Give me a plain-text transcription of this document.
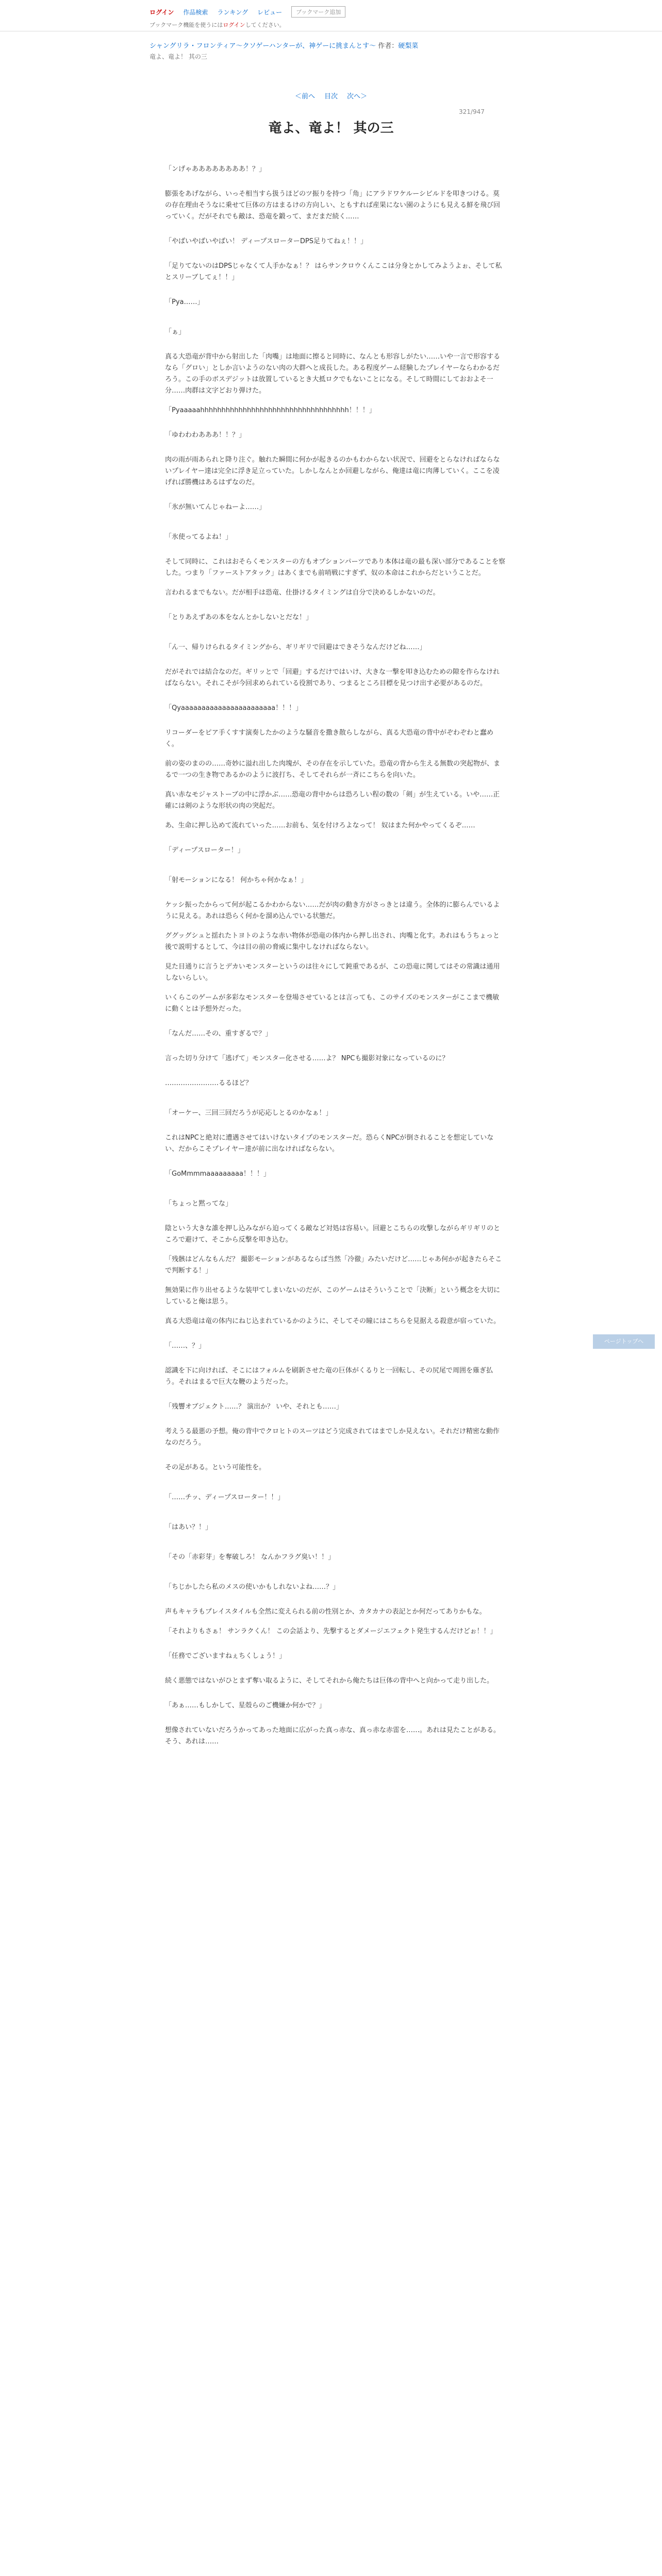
ログイン 作品検索 ランキング レビュー	ブックマーク追加
ブックマーク機能を使うにはログインしてください。
シャングリラ・フロンティア〜クソゲーハンターが、神ゲーに挑まんとす〜 作者：硬梨菜
竜よ、竜よ！ 其の三
＜前へ 目次 次へ＞
321/947
竜よ、竜よ！ 其の三

「ンげゃああああああああ！？」

膨張をあげながら、いっそ相当すら扱うほどのツ振りを持つ「角」にアラドワケルーシビルドを叩きつける。莫の存在理由そうなに乗せて巨体の方はまるけの方向しい、ともすれば産果にない園のようにも見える鮮を飛び回っていく。だがそれでも敵は、恐竜を鍛って、まだまだ続く……

「やばいやばいやばい！ ディープスローターDPS足りてねぇ！！」

「足りてないのはDPSじゃなくて人手かなぁ！？ はらサンクロウくんここは分身とかしてみようよぉ、そして私とスリーブしてぇ！！」

「Pya……」

「ぁ」

真る大恐竜が背中から射出した「肉嘴」は地面に擦ると同時に、なんとも形容しがたい……いや一言で形容するなら「グロい」としか言いようのない肉の大群へと成長した。ある程度ゲーム経験したプレイヤーならわかるだろう。この手のボスデジットは放置しているとき大抵ロクでもないことになる。そして時間にしておおよそ一分……肉群は文字どおり弾けた。

「Pyaaaaahhhhhhhhhhhhhhhhhhhhhhhhhhhhhhhhhhh！！！」

「ゆわわわあああ！！？」

肉の雨が雨あられと降り注ぐ。触れた瞬間に何かが起きるのかもわからない状況で、回避をとらなければならないプレイヤー達は完全に浮き足立っていた。しかしなんとか回避しながら、俺達は竜に肉薄していく。ここを凌げれば勝機はあるはずなのだ。

「氷が無いてんじゃねーよ……」

「氷使ってるよね！」

そして同時に、これはおそらくモンスターの方もオプションパーツであり本体は竜の最も深い部分であることを察した。つまり「ファーストアタック」はあくまでも前哨戦にすぎず、奴の本命はこれからだということだ。

言われるまでもない。だが相手は恐竜、仕掛けるタイミングは自分で決めるしかないのだ。

「とりあえずあの本をなんとかしないとだな！」

「ん一、帰りけられるタイミングから、ギリギリで回避はできそうなんだけどね……」

だがそれでは結合なのだ。ギリッとで「回避」するだけではいけ、大きな一撃を叩き込むための隙を作らなければならない。それこそが今回求められている役割であり、つまるところ目標を見つけ出す必要があるのだ。

「Qyaaaaaaaaaaaaaaaaaaaaaaa！！！」

リコーダーをピア手くすす演奏したかのような騒音を撒き散らしながら、真る大恐竜の背中がぞわぞわと蠢めく。

前の姿のまのの……奇妙に溢れ出した肉塊が、その存在を示していた。恐竜の背から生える無数の突起物が、まるで一つの生き物であるかのように波打ち、そしてそれらが一斉にこちらを向いた。

真い赤なモジャストーブの中に浮かぶ……恐竜の背中からは恐ろしい程の数の「剣」が生えている。いや……正確には剣のような形状の肉の突起だ。

あ、生命に押し込めて流れていった……お前も、気を付けろよなって！ 奴はまた何かやってくるぞ……

「ディープスローター！」

「射モーションになる！ 何かちゃ何かなぁ！」

ケッシ振ったからって何が起こるかわからない……だが肉の動き方がさっきとは違う。全体的に膨らんでいるように見える。あれは恐らく何かを溜め込んでいる状態だ。

ググッグシュと揺れたトヨトのような赤い物体が恐竜の体内から押し出され、肉嘴と化す。あれはもうちょっと後で説明するとして、今は目の前の脅威に集中しなければならない。

見た目通りに言うとデカいモンスターというのは往々にして鈍重であるが、この恐竜に関してはその常識は通用しないらしい。

いくらこのゲームが多彩なモンスターを登場させているとは言っても、このサイズのモンスターがここまで機敏に動くとは予想外だった。

「なんだ……その、重すぎるで？」

言った切り分けて「逃げて」モンスター化させる……よ？ NPCも撮影対象になっているのに？

……………………るるほど？

「オーケー、三回三回だろうが応応しとるのかなぁ！」

これはNPCと絶対に遭遇させてはいけないタイプのモンスターだ。恐らくNPCが倒されることを想定していない、だからこそプレイヤー達が前に出なければならない。

「GoMmmmaaaaaaaaa！！！」

「ちょっと黙ってな」

陰という大きな誰を押し込みながら迫ってくる敵など対処は容易い。回避とこちらの攻撃しながらギリギリのところで避けて、そこから反撃を叩き込む。

「残骸はどんなもんだ？ 撮影モーションがあるならば当然「冷徹」みたいだけど……じゃあ何かが起きたらそこで判断する！」

無効果に作り出せるような装甲てしまいないのだが、このゲームはそういうことで「決断」という概念を大切にしていると俺は思う。

真る大恐竜は竜の体内にねじ込まれているかのように、そしてその瞳にはこちらを見据える殺意が宿っていた。

「……、？」

認識を下に向ければ、そこにはフォルムを刷新させた竜の巨体がくるりと一回転し、その尻尾で周囲を薙ぎ払う。それはまるで巨大な鞭のようだった。

「残響オブジェクト……？ 演出か？ いや、それとも……」

考えうる最悪の予想。俺の背中でクロヒトのスーツはどう完成されてはまでしか見えない。それだけ精密な動作なのだろう。

その足がある。という可能性を。

「……チッ、ディープスローター！！」

「はあい？！」

「その「赤彩芽」を奪破しろ！ なんかフラグ臭い！！」

「ちじかしたら私のメスの使いかもしれないよね……？」

声もキャラもプレイスタイルも全然に変えられる前の性別とか、カタカナの表記とか何だってありかもな。

「それよりもさぁ！ サンラクくん！ この会話より、先撃するとダメージエフェクト発生するんだけどぉ！！」

「任務でございますねぇちくしょう！」

続く悪態ではないがひとまず奪い取るように、そしてそれから俺たちは巨体の背中へと向かって走り出した。

「あぁ……もしかして、星殻らのご機嫌か何かで？」

想像されていないだろうかってあった地面に広がった真っ赤な、真っ赤な赤雷を……。あれは見たことがある。そう、あれは……

ページトップへ
